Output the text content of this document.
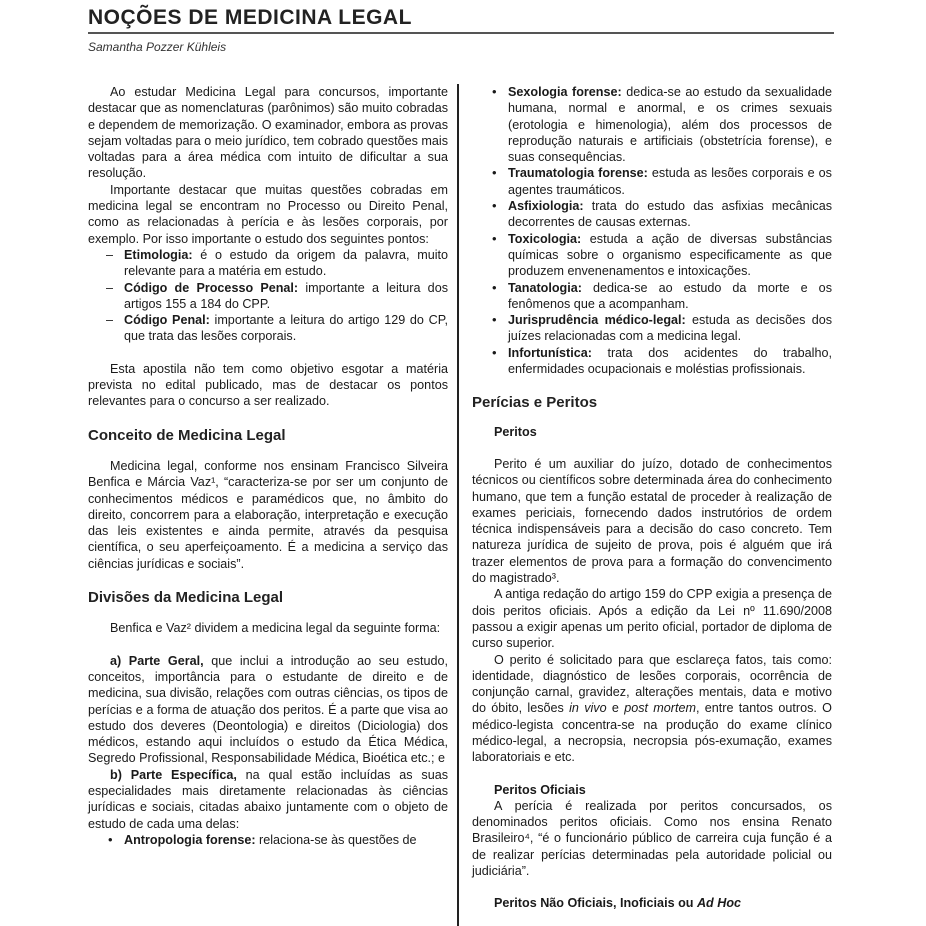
NOÇÕES DE MEDICINA LEGAL
Samantha Pozzer Kühleis

Ao estudar Medicina Legal para concursos, importante destacar que as nomenclaturas (parônimos) são muito cobradas e dependem de memorização. O examinador, embora as provas sejam voltadas para o meio jurídico, tem cobrado questões mais voltadas para a área médica com intuito de dificultar a sua resolução.

Importante destacar que muitas questões cobradas em medicina legal se encontram no Processo ou Direito Penal, como as relacionadas à perícia e às lesões corporais, por exemplo. Por isso importante o estudo dos seguintes pontos:

– Etimologia: é o estudo da origem da palavra, muito relevante para a matéria em estudo.
– Código de Processo Penal: importante a leitura dos artigos 155 a 184 do CPP.
– Código Penal: importante a leitura do artigo 129 do CP, que trata das lesões corporais.

Esta apostila não tem como objetivo esgotar a matéria prevista no edital publicado, mas de destacar os pontos relevantes para o concurso a ser realizado.

Conceito de Medicina Legal

Medicina legal, conforme nos ensinam Francisco Silveira Benfica e Márcia Vaz¹, “caracteriza-se por ser um conjunto de conhecimentos médicos e paramédicos que, no âmbito do direito, concorrem para a elaboração, interpretação e execução das leis existentes e ainda permite, através da pesquisa científica, o seu aperfeiçoamento. É a medicina a serviço das ciências jurídicas e sociais”.

Divisões da Medicina Legal

Benfica e Vaz² dividem a medicina legal da seguinte forma:

a) Parte Geral, que inclui a introdução ao seu estudo, conceitos, importância para o estudante de direito e de medicina, sua divisão, relações com outras ciências, os tipos de perícias e a forma de atuação dos peritos. É a parte que visa ao estudo dos deveres (Deontologia) e direitos (Diciologia) dos médicos, estando aqui incluídos o estudo da Ética Médica, Segredo Profissional, Responsabilidade Médica, Bioética etc.; e

b) Parte Específica, na qual estão incluídas as suas especialidades mais diretamente relacionadas às ciências jurídicas e sociais, citadas abaixo juntamente com o objeto de estudo de cada uma delas:

• Antropologia forense: relaciona-se às questões de
• Sexologia forense: dedica-se ao estudo da sexualidade humana, normal e anormal, e os crimes sexuais (erotologia e himenologia), além dos processos de reprodução naturais e artificiais (obstetrícia forense), e suas consequências.
• Traumatologia forense: estuda as lesões corporais e os agentes traumáticos.
• Asfixiologia: trata do estudo das asfixias mecânicas decorrentes de causas externas.
• Toxicologia: estuda a ação de diversas substâncias químicas sobre o organismo especificamente as que produzem envenenamentos e intoxicações.
• Tanatologia: dedica-se ao estudo da morte e os fenômenos que a acompanham.
• Jurisprudência médico-legal: estuda as decisões dos juízes relacionadas com a medicina legal.
• Infortunística: trata dos acidentes do trabalho, enfermidades ocupacionais e moléstias profissionais.

Perícias e Peritos

Peritos

Perito é um auxiliar do juízo, dotado de conhecimentos técnicos ou científicos sobre determinada área do conhecimento humano, que tem a função estatal de proceder à realização de exames periciais, fornecendo dados instrutórios de ordem técnica indispensáveis para a decisão do caso concreto. Tem natureza jurídica de sujeito de prova, pois é alguém que irá trazer elementos de prova para a formação do convencimento do magistrado³.

A antiga redação do artigo 159 do CPP exigia a presença de dois peritos oficiais. Após a edição da Lei nº 11.690/2008 passou a exigir apenas um perito oficial, portador de diploma de curso superior.

O perito é solicitado para que esclareça fatos, tais como: identidade, diagnóstico de lesões corporais, ocorrência de conjunção carnal, gravidez, alterações mentais, data e motivo do óbito, lesões in vivo e post mortem, entre tantos outros. O médico-legista concentra-se na produção do exame clínico médico-legal, a necropsia, necropsia pós-exumação, exames laboratoriais e etc.

Peritos Oficiais

A perícia é realizada por peritos concursados, os denominados peritos oficiais. Como nos ensina Renato Brasileiro⁴, “é o funcionário público de carreira cuja função é a de realizar perícias determinadas pela autoridade policial ou judiciária”.

Peritos Não Oficiais, Inoficiais ou Ad Hoc
